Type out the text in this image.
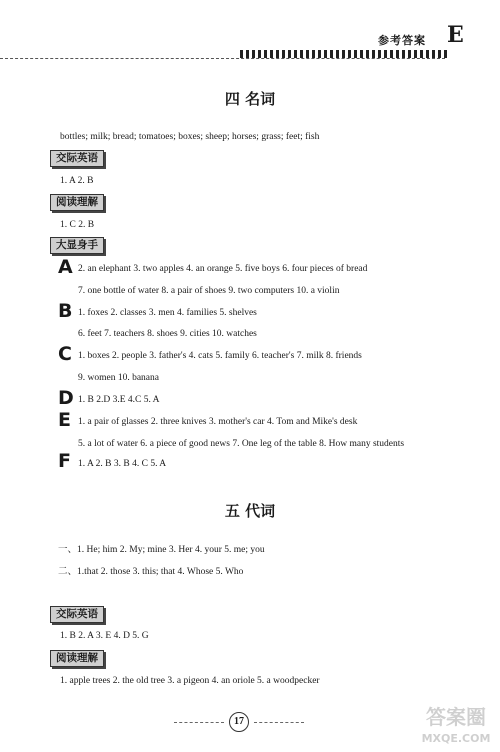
参考答案 E
四 名词
bottles; milk; bread; tomatoes; boxes; sheep; horses; grass; feet; fish
交际英语
1. A 2. B
阅读理解
1. C 2. B
大显身手
A 2. an elephant 3. two apples 4. an orange 5. five boys 6. four pieces of bread
7. one bottle of water 8. a pair of shoes 9. two computers 10. a violin
B 1. foxes 2. classes 3. men 4. families 5. shelves
6. feet 7. teachers 8. shoes 9. cities 10. watches
C 1. boxes 2. people 3. father's 4. cats 5. family 6. teacher's 7. milk 8. friends
9. women 10. banana
D 1. B 2.D 3.E 4.C 5. A
E 1. a pair of glasses 2. three knives 3. mother's car 4. Tom and Mike's desk
5. a lot of water 6. a piece of good news 7. One leg of the table 8. How many students
F 1. A 2. B 3. B 4. C 5. A
五 代词
一、1. He; him 2. My; mine 3. Her 4. your 5. me; you
二、1.that 2. those 3. this; that 4. Whose 5. Who
交际英语
1. B 2. A 3. E 4. D 5. G
阅读理解
1. apple trees 2. the old tree 3. a pigeon 4. an oriole 5. a woodpecker
17	答案圈
MXQE.COM
